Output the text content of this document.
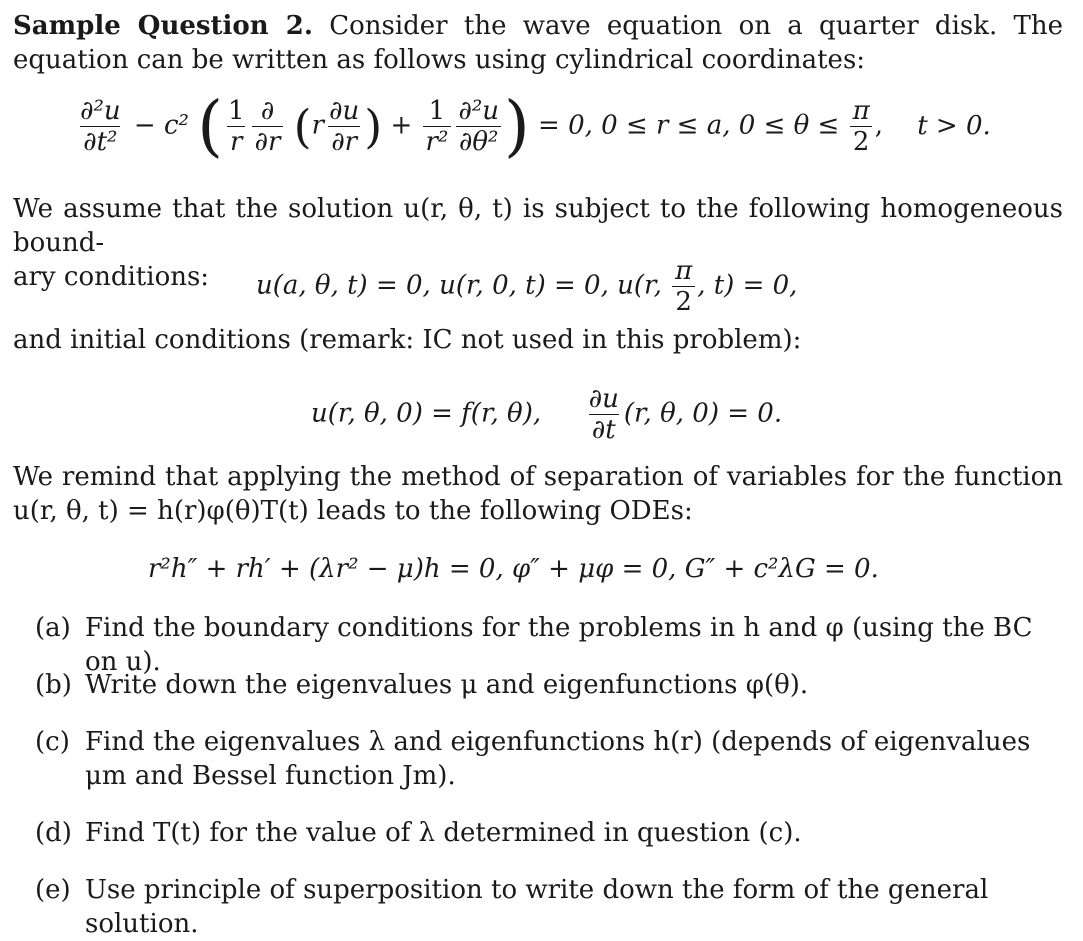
Sample Question 2. Consider the wave equation on a quarter disk. The equation can be written as follows using cylindrical coordinates:
$\frac{\text{∂²u}}{\text{∂t²}} - c^2$ ( $\frac{1}{r} \frac{\partial}{\partial r} (r \frac{\partial u}{\partial r}$ ) + $\frac{1}{\text{r²}} \frac{\text{∂²u}}{\text{∂θ²}}$ ) = 0, 0 ≤ r ≤ a, $0 \le \theta \le \frac{\pi}{2}$ , t > 0.
We assume that the solution u(r, θ, t) is subject to the following homogeneous bound-
ary conditions:	u(a, θ, t) = 0, u(r, 0, t) = 0, u(r, $\frac{\pi}{2}$ , t) = 0,
and initial conditions (remark: IC not used in this problem):
u(r, θ, 0) = f(r, θ), $\frac{\partial u}{\partial t} (r$, θ, 0) = 0.
We remind that applying the method of separation of variables for the function
u(r, θ, t) = h(r)φ(θ)T(t) leads to the following ODEs:
r²h″ + rh′ + (λr² − μ)h = 0, φ″ + μφ = 0, G″ + c²λG = 0.
(a) Find the boundary conditions for the problems in h and φ (using the BC on u).
(b) Write down the eigenvalues μ and eigenfunctions φ(θ).
(c) Find the eigenvalues λ and eigenfunctions h(r) (depends of eigenvalues μm and Bessel function Jm).
(d) Find T(t) for the value of λ determined in question (c).
(e) Use principle of superposition to write down the form of the general solution.
